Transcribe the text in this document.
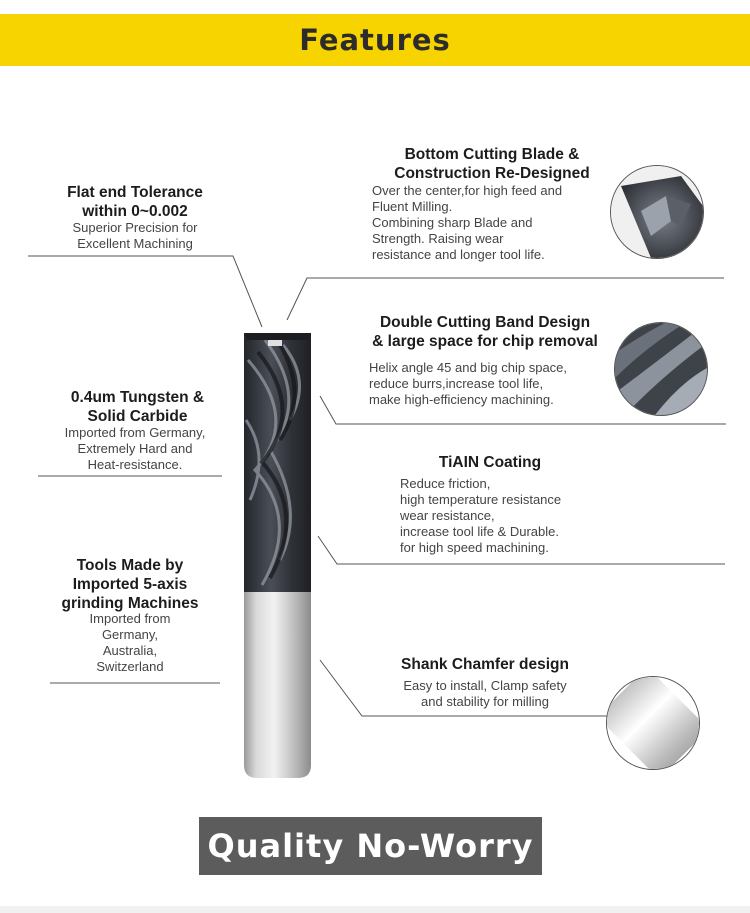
Features
Flat end Tolerance
within 0~0.002
Superior Precision for
Excellent Machining
0.4um Tungsten &
Solid Carbide
Imported from Germany,
Extremely Hard and
Heat-resistance.
Tools Made by
Imported 5-axis
grinding Machines
Imported from
Germany,
Australia,
Switzerland
Bottom Cutting Blade &
Construction Re-Designed
Over the center,for high feed and
Fluent Milling.
Combining sharp Blade and
Strength. Raising wear
resistance and longer tool life.
Double Cutting Band Design
& large space for chip removal
Helix angle 45 and big chip space,
reduce burrs,increase tool life,
make high-efficiency machining.
TiAIN Coating
Reduce friction,
high temperature resistance
wear resistance,
increase tool life & Durable.
for high speed machining.
Shank Chamfer design
Easy to install, Clamp safety
and stability for milling
Quality No-Worry
